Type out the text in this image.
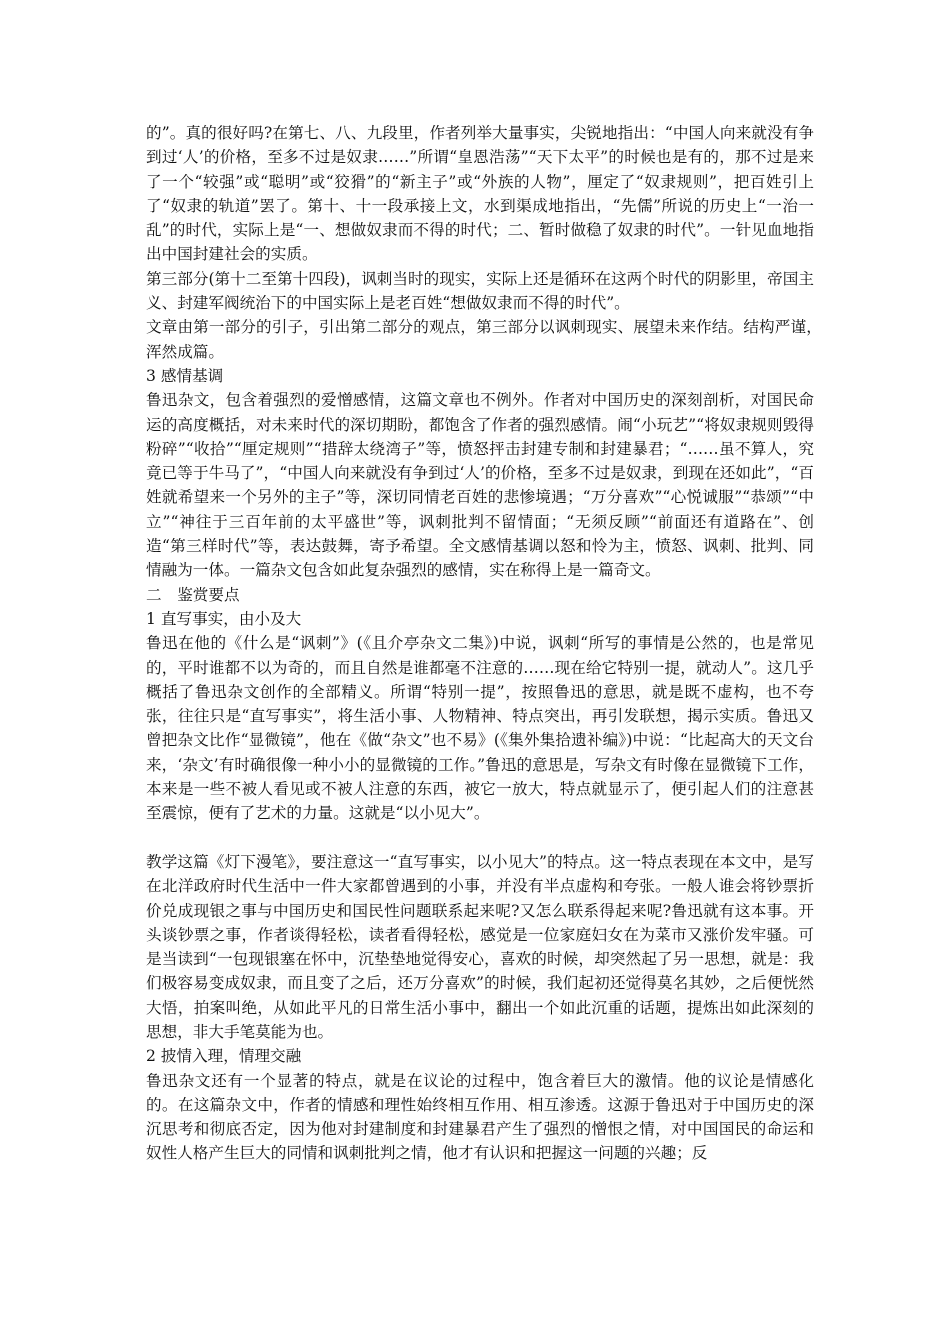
的”。真的很好吗?在第七、八、九段里，作者列举大量事实，尖锐地指出：“中国人向来就没有争到过‘人’的价格，至多不过是奴隶……”所谓“皇恩浩荡”“天下太平”的时候也是有的，那不过是来了一个“较强”或“聪明”或“狡猾”的“新主子”或“外族的人物”，厘定了“奴隶规则”，把百姓引上了“奴隶的轨道”罢了。第十、十一段承接上文，水到渠成地指出，“先儒”所说的历史上“一治一乱”的时代，实际上是“一、想做奴隶而不得的时代；二、暂时做稳了奴隶的时代”。一针见血地指出中国封建社会的实质。

第三部分(第十二至第十四段)，讽刺当时的现实，实际上还是循环在这两个时代的阴影里，帝国主义、封建军阀统治下的中国实际上是老百姓“想做奴隶而不得的时代”。

文章由第一部分的引子，引出第二部分的观点，第三部分以讽刺现实、展望未来作结。结构严谨，　浑然成篇。

3 感情基调

鲁迅杂文，包含着强烈的爱憎感情，这篇文章也不例外。作者对中国历史的深刻剖析，对国民命运的高度概括，对未来时代的深切期盼，都饱含了作者的强烈感情。闹“小玩艺”“将奴隶规则毁得粉碎”“收拾”“厘定规则”“措辞太绕湾子”等，愤怒抨击封建专制和封建暴君；“……虽不算人，究竟已等于牛马了”，“中国人向来就没有争到过‘人’的价格，至多不过是奴隶，到现在还如此”，“百姓就希望来一个另外的主子”等，深切同情老百姓的悲惨境遇；“万分喜欢”“心悦诚服”“恭颂”“中立”“神往于三百年前的太平盛世”等，讽刺批判不留情面；“无须反顾”“前面还有道路在”、创造“第三样时代”等，表达鼓舞，寄予希望。全文感情基调以怒和怜为主，愤怒、讽刺、批判、同情融为一体。一篇杂文包含如此复杂强烈的感情，实在称得上是一篇奇文。

二　鉴赏要点

1 直写事实，由小及大

鲁迅在他的《什么是“讽刺”》(《且介亭杂文二集》)中说，讽刺“所写的事情是公然的，也是常见的，平时谁都不以为奇的，而且自然是谁都毫不注意的……现在给它特别一提，就动人”。这几乎概括了鲁迅杂文创作的全部精义。所谓“特别一提”，按照鲁迅的意思，就是既不虚构，也不夸张，往往只是“直写事实”，将生活小事、人物精神、特点突出，再引发联想，揭示实质。鲁迅又曾把杂文比作“显微镜”，他在《做“杂文”也不易》(《集外集拾遗补编》)中说：“比起高大的天文台来，‘杂文’有时确很像一种小小的显微镜的工作。”鲁迅的意思是，写杂文有时像在显微镜下工作，本来是一些不被人看见或不被人注意的东西，被它一放大，特点就显示了，便引起人们的注意甚至震惊，便有了艺术的力量。这就是“以小见大”。

教学这篇《灯下漫笔》，要注意这一“直写事实，以小见大”的特点。这一特点表现在本文中，是写在北洋政府时代生活中一件大家都曾遇到的小事，并没有半点虚构和夸张。一般人谁会将钞票折价兑成现银之事与中国历史和国民性问题联系起来呢?又怎么联系得起来呢?鲁迅就有这本事。开头谈钞票之事，作者谈得轻松，读者看得轻松，感觉是一位家庭妇女在为菜市又涨价发牢骚。可是当读到“一包现银塞在怀中，沉垫垫地觉得安心，喜欢的时候，却突然起了另一思想，就是：我们极容易变成奴隶，而且变了之后，还万分喜欢”的时候，我们起初还觉得莫名其妙，之后便恍然大悟，拍案叫绝，从如此平凡的日常生活小事中，翻出一个如此沉重的话题，提炼出如此深刻的思想，非大手笔莫能为也。

2 披情入理，情理交融

鲁迅杂文还有一个显著的特点，就是在议论的过程中，饱含着巨大的激情。他的议论是情感化的。在这篇杂文中，作者的情感和理性始终相互作用、相互渗透。这源于鲁迅对于中国历史的深沉思考和彻底否定，因为他对封建制度和封建暴君产生了强烈的憎恨之情，对中国国民的命运和奴性人格产生巨大的同情和讽刺批判之情，他才有认识和把握这一问题的兴趣；反
